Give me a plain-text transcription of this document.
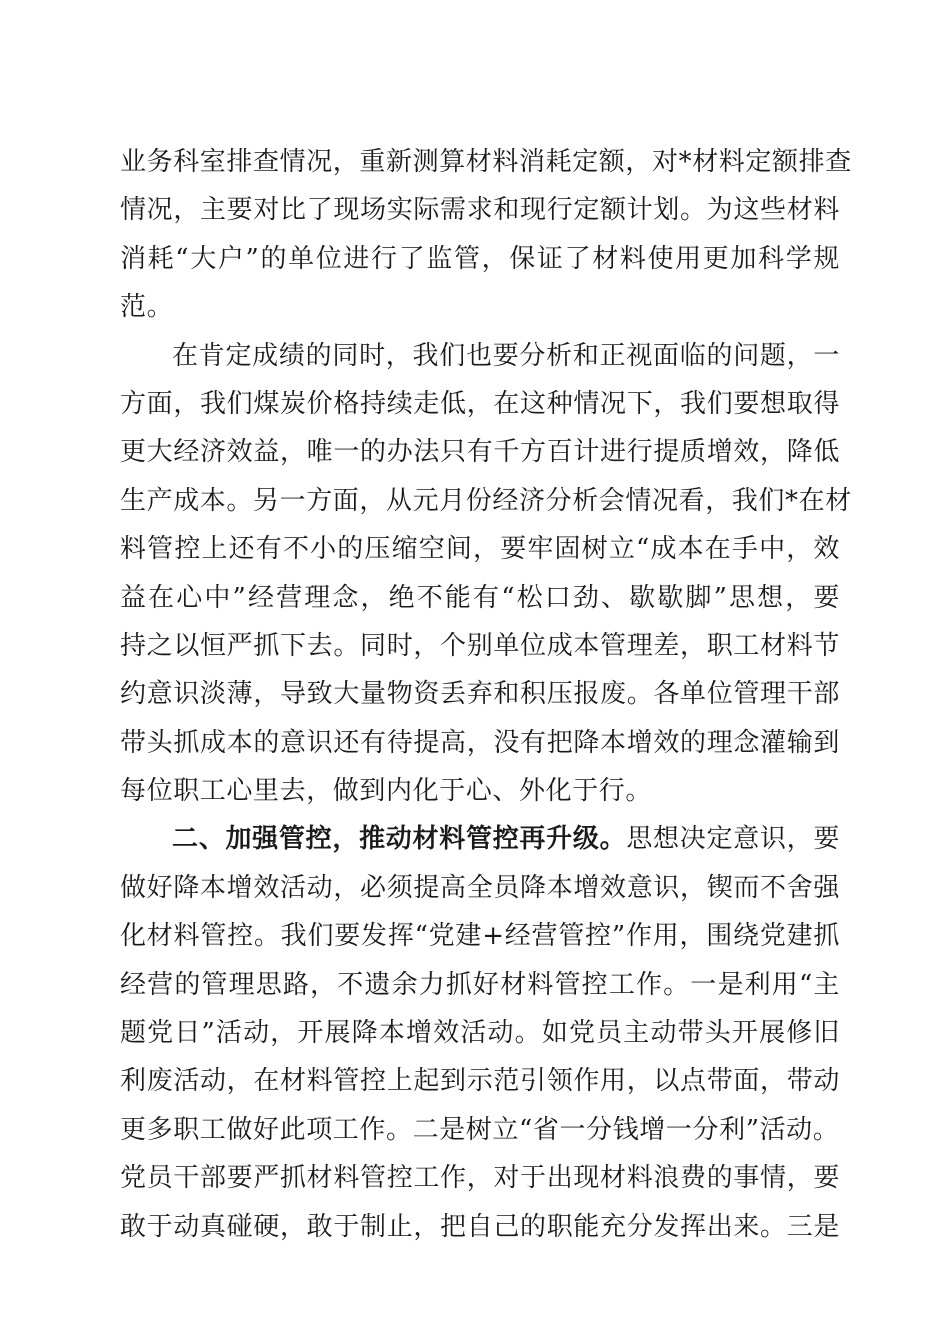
业务科室排查情况，重新测算材料消耗定额，对*材料定额排查
情况，主要对比了现场实际需求和现行定额计划。为这些材料
消耗“大户”的单位进行了监管，保证了材料使用更加科学规
范。
在肯定成绩的同时，我们也要分析和正视面临的问题，一
方面，我们煤炭价格持续走低，在这种情况下，我们要想取得
更大经济效益，唯一的办法只有千方百计进行提质增效，降低
生产成本。另一方面，从元月份经济分析会情况看，我们*在材
料管控上还有不小的压缩空间，要牢固树立“成本在手中，效
益在心中”经营理念，绝不能有“松口劲、歇歇脚”思想，要
持之以恒严抓下去。同时，个别单位成本管理差，职工材料节
约意识淡薄，导致大量物资丢弃和积压报废。各单位管理干部
带头抓成本的意识还有待提高，没有把降本增效的理念灌输到
每位职工心里去，做到内化于心、外化于行。
二、加强管控，推动材料管控再升级。思想决定意识，要
做好降本增效活动，必须提高全员降本增效意识，锲而不舍强
化材料管控。我们要发挥“党建+经营管控”作用，围绕党建抓
经营的管理思路，不遗余力抓好材料管控工作。一是利用“主
题党日”活动，开展降本增效活动。如党员主动带头开展修旧
利废活动，在材料管控上起到示范引领作用，以点带面，带动
更多职工做好此项工作。二是树立“省一分钱增一分利”活动。
党员干部要严抓材料管控工作，对于出现材料浪费的事情，要
敢于动真碰硬，敢于制止，把自己的职能充分发挥出来。三是
